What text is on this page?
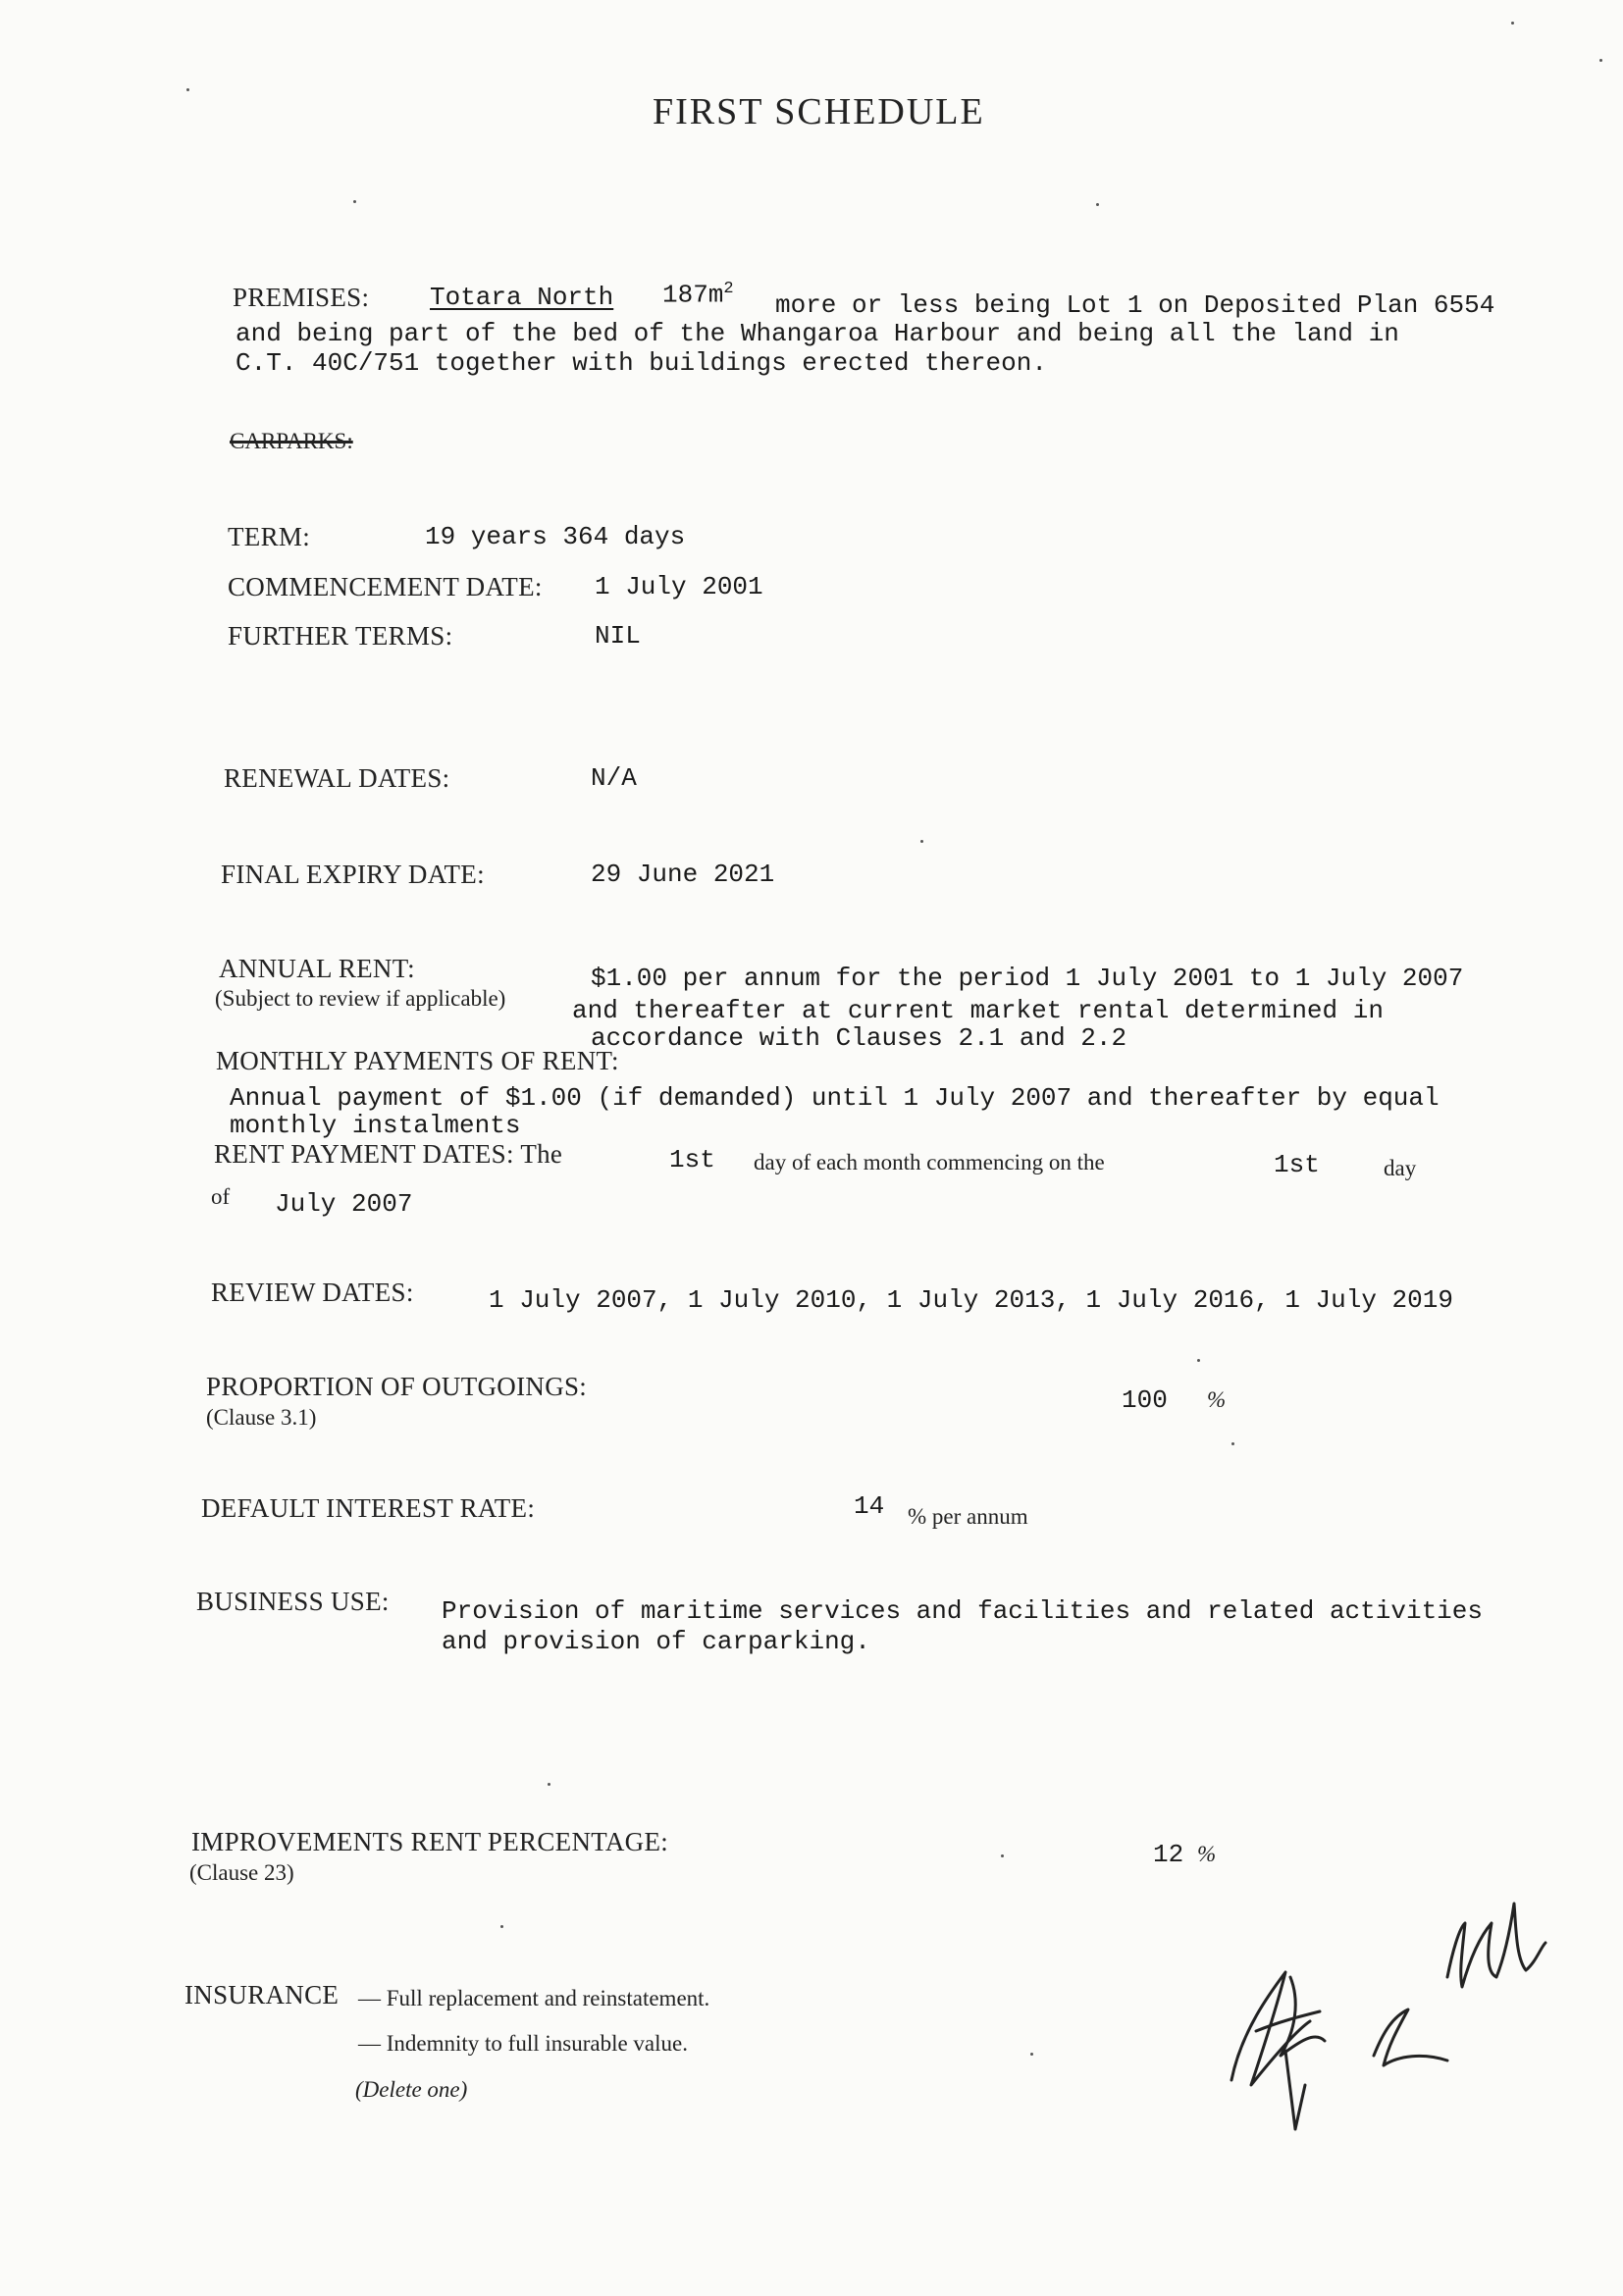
FIRST SCHEDULE
PREMISES: Totara North $187m^2$
more or less being Lot 1 on Deposited Plan 6554
and being part of the bed of the Whangaroa Harbour and being all the land in
C.T. 40C/751 together with buildings erected thereon.
CARPARKS:
TERM:	19 years 364 days
COMMENCEMENT DATE: 1 July 2001
FURTHER TERMS:	NIL
RENEWAL DATES:	N/A
FINAL EXPIRY DATE:	29 June 2021
ANNUAL RENT:
(Subject to review if applicable)
$1.00 per annum for the period 1 July 2001 to 1 July 2007
and thereafter at current market rental determined in
accordance with Clauses 2.1 and 2.2
MONTHLY PAYMENTS OF RENT:
Annual payment of $1.00 (if demanded) until 1 July 2007 and thereafter by equal
monthly instalments
RENT PAYMENT DATES: The	1st day of each month commencing on the	1st	day
of July 2007
REVIEW DATES:	1 July 2007, 1 July 2010, 1 July 2013, 1 July 2016, 1 July 2019
PROPORTION OF OUTGOINGS:
(Clause 3.1)
100 %
DEFAULT INTEREST RATE:	14 % per annum
BUSINESS USE: Provision of maritime services and facilities and related activities
and provision of carparking.
IMPROVEMENTS RENT PERCENTAGE:
(Clause 23)
12 %
INSURANCE — Full replacement and reinstatement.
— Indemnity to full insurable value.
(Delete one)
